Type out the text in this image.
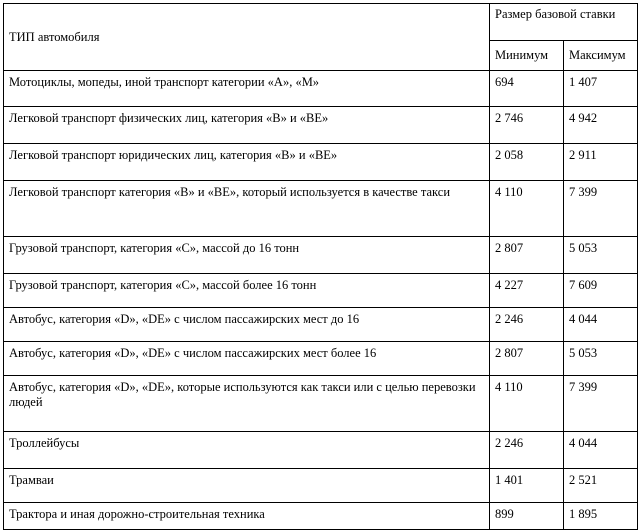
ТИП автомобиля	Размер базовой ставки	
	Минимум	Максимум
Мотоциклы, мопеды, иной транспорт категории «А», «М»	694	1 407
Легковой транспорт физических лиц, категория «В» и «ВЕ»	2 746	4 942
Легковой транспорт юридических лиц, категория «В» и «ВЕ»	2 058	2 911
Легковой транспорт категория «В» и «ВЕ», который используется в качестве такси	4 110	7 399
Грузовой транспорт, категория «С», массой до 16 тонн	2 807	5 053
Грузовой транспорт, категория «С», массой более 16 тонн	4 227	7 609
Автобус, категория «D», «DE» с числом пассажирских мест до 16	2 246	4 044
Автобус, категория «D», «DE» с числом пассажирских мест более 16	2 807	5 053
Автобус, категория «D», «DE», которые используются как такси или с целью перевозки людей	4 110	7 399
Троллейбусы	2 246	4 044
Трамваи	1 401	2 521
Трактора и иная дорожно-строительная техника	899	1 895
